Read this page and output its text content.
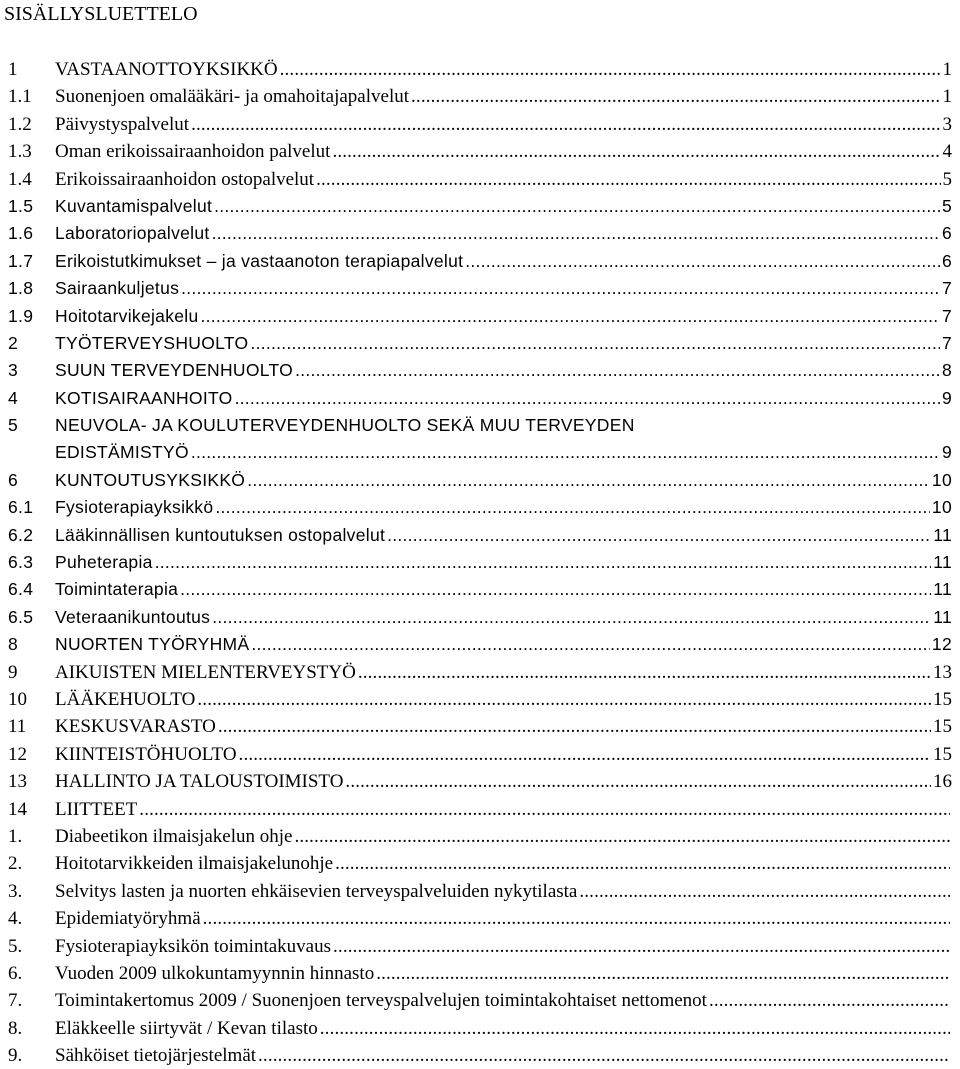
SISÄLLYSLUETTELO
1	VASTAANOTTOYKSIKKÖ . . .	1
1.1	Suonenjoen omalääkäri- ja omahoitajapalvelut . . .	1
1.2	Päivystyspalvelut . . .	3
1.3	Oman erikoissairaanhoidon palvelut . . .	4
1.4	Erikoissairaanhoidon ostopalvelut . . .	5
1.5	Kuvantamispalvelut . . .	5
1.6	Laboratoriopalvelut . . .	6
1.7	Erikoistutkimukset – ja vastaanoton terapiapalvelut . . .	6
1.8	Sairaankuljetus . . .	7
1.9	Hoitotarvikejakelu . . .	7
2	TYÖTERVEYSHUOLTO . . .	7
3	SUUN TERVEYDENHUOLTO . . .	8
4	KOTISAIRAANHOITO . . .	9
5	NEUVOLA- JA KOULUTERVEYDENHUOLTO SEKÄ MUU TERVEYDEN
EDISTÄMISTYÖ . . .	9
6	KUNTOUTUSYKSIKKÖ . . .	10
6.1	Fysioterapiayksikkö . . .	10
6.2	Lääkinnällisen kuntoutuksen ostopalvelut . . .	11
6.3	Puheterapia . . .	11
6.4	Toimintaterapia . . .	11
6.5	Veteraanikuntoutus . . .	11
8	NUORTEN TYÖRYHMÄ . . .	12
9	AIKUISTEN MIELENTERVEYSTYÖ . . .	13
10	LÄÄKEHUOLTO . . .	15
11	KESKUSVARASTO . . .	15
12	KIINTEISTÖHUOLTO . . .	15
13	HALLINTO JA TALOUSTOIMISTO . . .	16
14	LIITTEET
. . .
1.	Diabeetikon ilmaisjakelun ohje
. . .
2.	Hoitotarvikkeiden ilmaisjakelunohje
. . .
3.	Selvitys lasten ja nuorten ehkäisevien terveyspalveluiden nykytilasta
. . .
4.	Epidemiatyöryhmä
. . .
5.	Fysioterapiayksikön toimintakuvaus
. . .
6.	Vuoden 2009 ulkokuntamyynnin hinnasto
. . .
7.	Toimintakertomus 2009 / Suonenjoen terveyspalvelujen toimintakohtaiset nettomenot
. . .
8.	Eläkkeelle siirtyvät / Kevan tilasto
. . .
9.	Sähköiset tietojärjestelmät
. . .
